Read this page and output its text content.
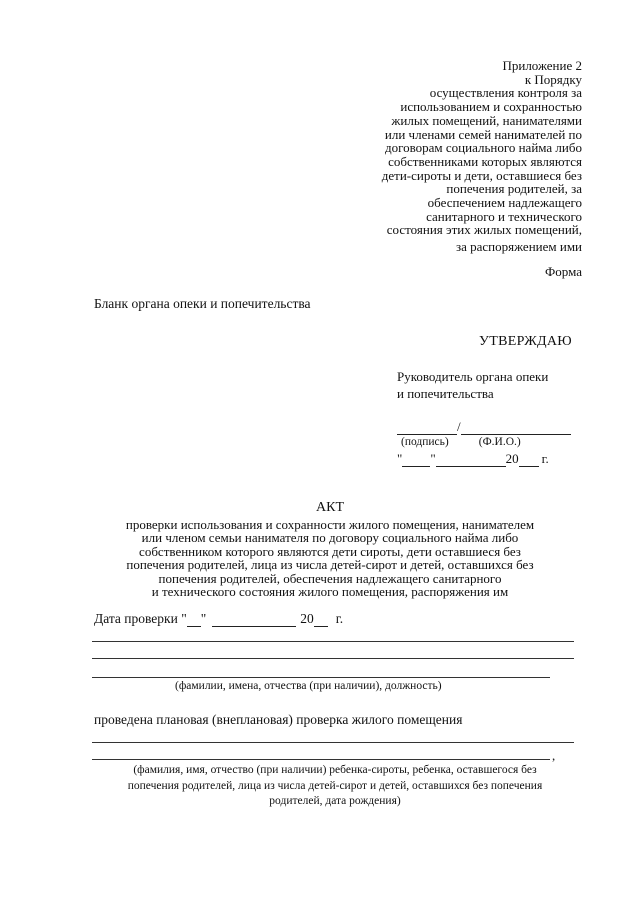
Приложение 2
к Порядку
осуществления контроля за
использованием и сохранностью
жилых помещений, нанимателями
или членами семей нанимателей по
договорам социального найма либо
собственниками которых являются
дети-сироты и дети, оставшиеся без
попечения родителей, за
обеспечением надлежащего
санитарного и технического
состояния этих жилых помещений,
за распоряжением ими
Форма
Бланк органа опеки и попечительства
УТВЕРЖДАЮ
Руководитель органа опеки
и попечительства
/
(подпись)	(Ф.И.О.)
" "	20 г.
АКТ
проверки использования и сохранности жилого помещения, нанимателем
или членом семьи нанимателя по договору социального найма либо
собственником которого являются дети сироты, дети оставшиеся без
попечения родителей, лица из числа детей-сирот и детей, оставшихся без
попечения родителей, обеспечения надлежащего санитарного
и технического состояния жилого помещения, распоряжения им
Дата проверки " "	20 г.
(фамилии, имена, отчества (при наличии), должность)
проведена плановая (внеплановая) проверка жилого помещения
,
(фамилия, имя, отчество (при наличии) ребенка-сироты, ребенка, оставшегося без
попечения родителей, лица из числа детей-сирот и детей, оставшихся без попечения
родителей, дата рождения)
